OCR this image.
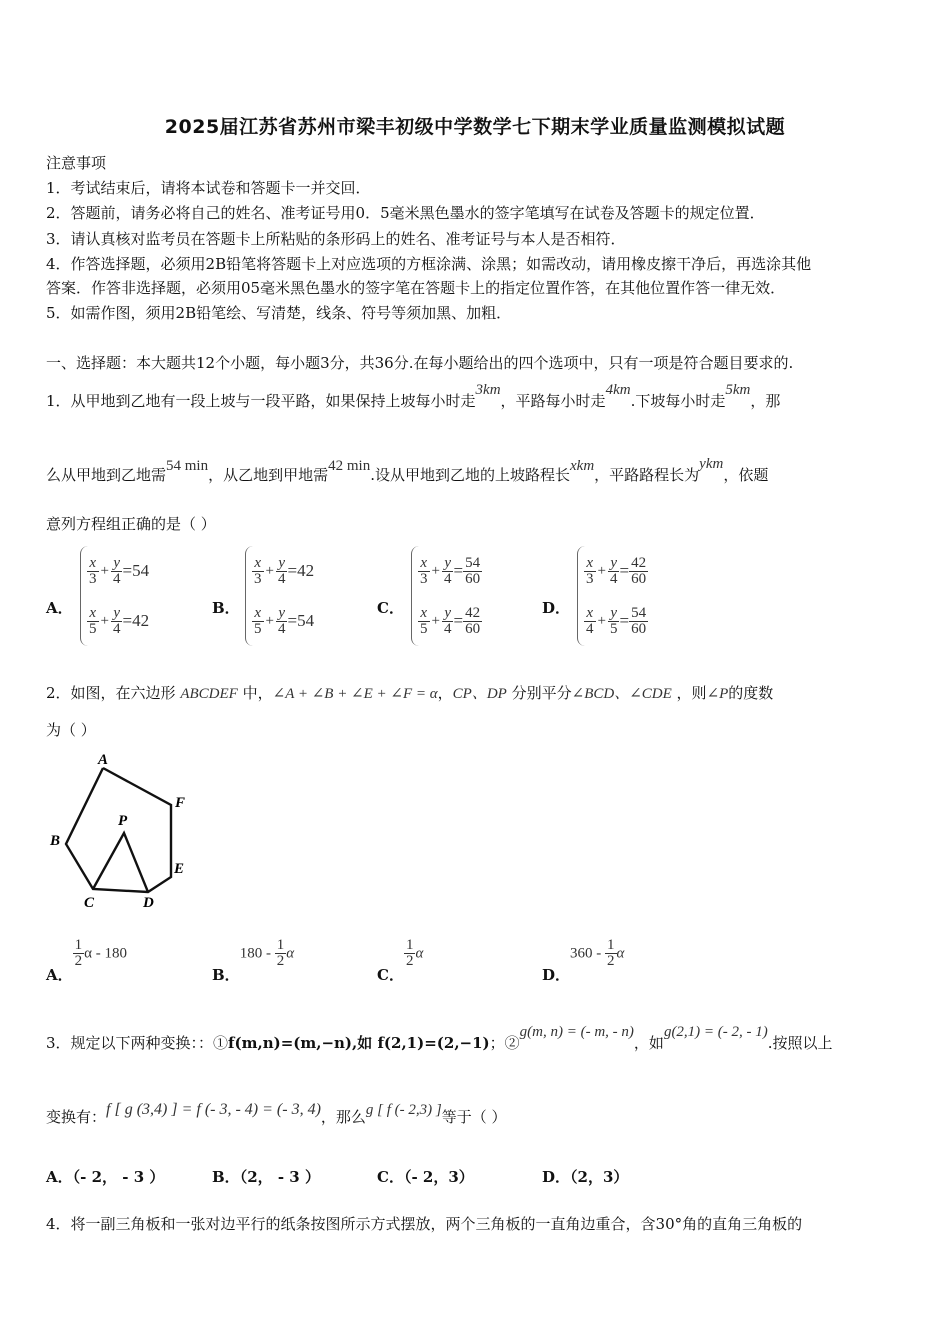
2025届江苏省苏州市梁丰初级中学数学七下期末学业质量监测模拟试题
注意事项
1．考试结束后，请将本试卷和答题卡一并交回．
2．答题前，请务必将自己的姓名、准考证号用0．5毫米黑色墨水的签字笔填写在试卷及答题卡的规定位置．
3．请认真核对监考员在答题卡上所粘贴的条形码上的姓名、准考证号与本人是否相符．
4．作答选择题，必须用2B铅笔将答题卡上对应选项的方框涂满、涂黑；如需改动，请用橡皮擦干净后，再选涂其他
答案．作答非选择题，必须用05毫米黑色墨水的签字笔在答题卡上的指定位置作答，在其他位置作答一律无效．
5．如需作图，须用2B铅笔绘、写清楚，线条、符号等须加黑、加粗．
一、选择题：本大题共12个小题，每小题3分，共36分.在每小题给出的四个选项中，只有一项是符合题目要求的.
1．从甲地到乙地有一段上坡与一段平路，如果保持上坡每小时走3km，平路每小时走4km.下坡每小时走5km，那
么从甲地到乙地需54 min，从乙地到甲地需42 min.设从甲地到乙地的上坡路程长xkm，平路路程长为ykm，依题
意列方程组正确的是（ ）
A．
$\frac{x}{3} + \frac{y}{4} = 54$
$\frac{x}{5} + \frac{y}{4} = 42$
B．
$\frac{x}{3} + \frac{y}{4} = 42$
$\frac{x}{5} + \frac{y}{4} = 54$
C．
$\frac{x}{3} + \frac{y}{4} = \frac{54}{60}$
$\frac{x}{5} + \frac{y}{4} = \frac{42}{60}$	D．
$\frac{x}{3} + \frac{y}{4} = \frac{42}{60}$
$\frac{x}{4} + \frac{y}{5} = \frac{54}{60}$
2．如图，在六边形 ABCDEF 中，∠A + ∠B + ∠E + ∠F = α，CP、DP 分别平分∠BCD、∠CDE ，则∠P的度数
为（ ）
A
F
P
B
E
C	D
A．
$\frac{1}{2}$ α - 180
B．$180 - \frac{1}{2}$ α
C．
$\frac{1}{2}$ α
D．$360 - \frac{1}{2}$ α
3．规定以下两种变换：：①f(m,n)=(m,−n),如 f(2,1)=(2,−1)；②g(m, n) = (- m, - n)，如g(2,1) = (- 2, - 1).按照以上
变换有：f [ g (3,4) ] = f (- 3, - 4) = (- 3, 4)，那么g [ f (- 2,3) ]等于（ ）
A．（- 2， - 3 ）	B．（2， - 3 ）	C．（- 2，3）	D．（2，3）
4．将一副三角板和一张对边平行的纸条按图所示方式摆放，两个三角板的一直角边重合，含30°角的直角三角板的
